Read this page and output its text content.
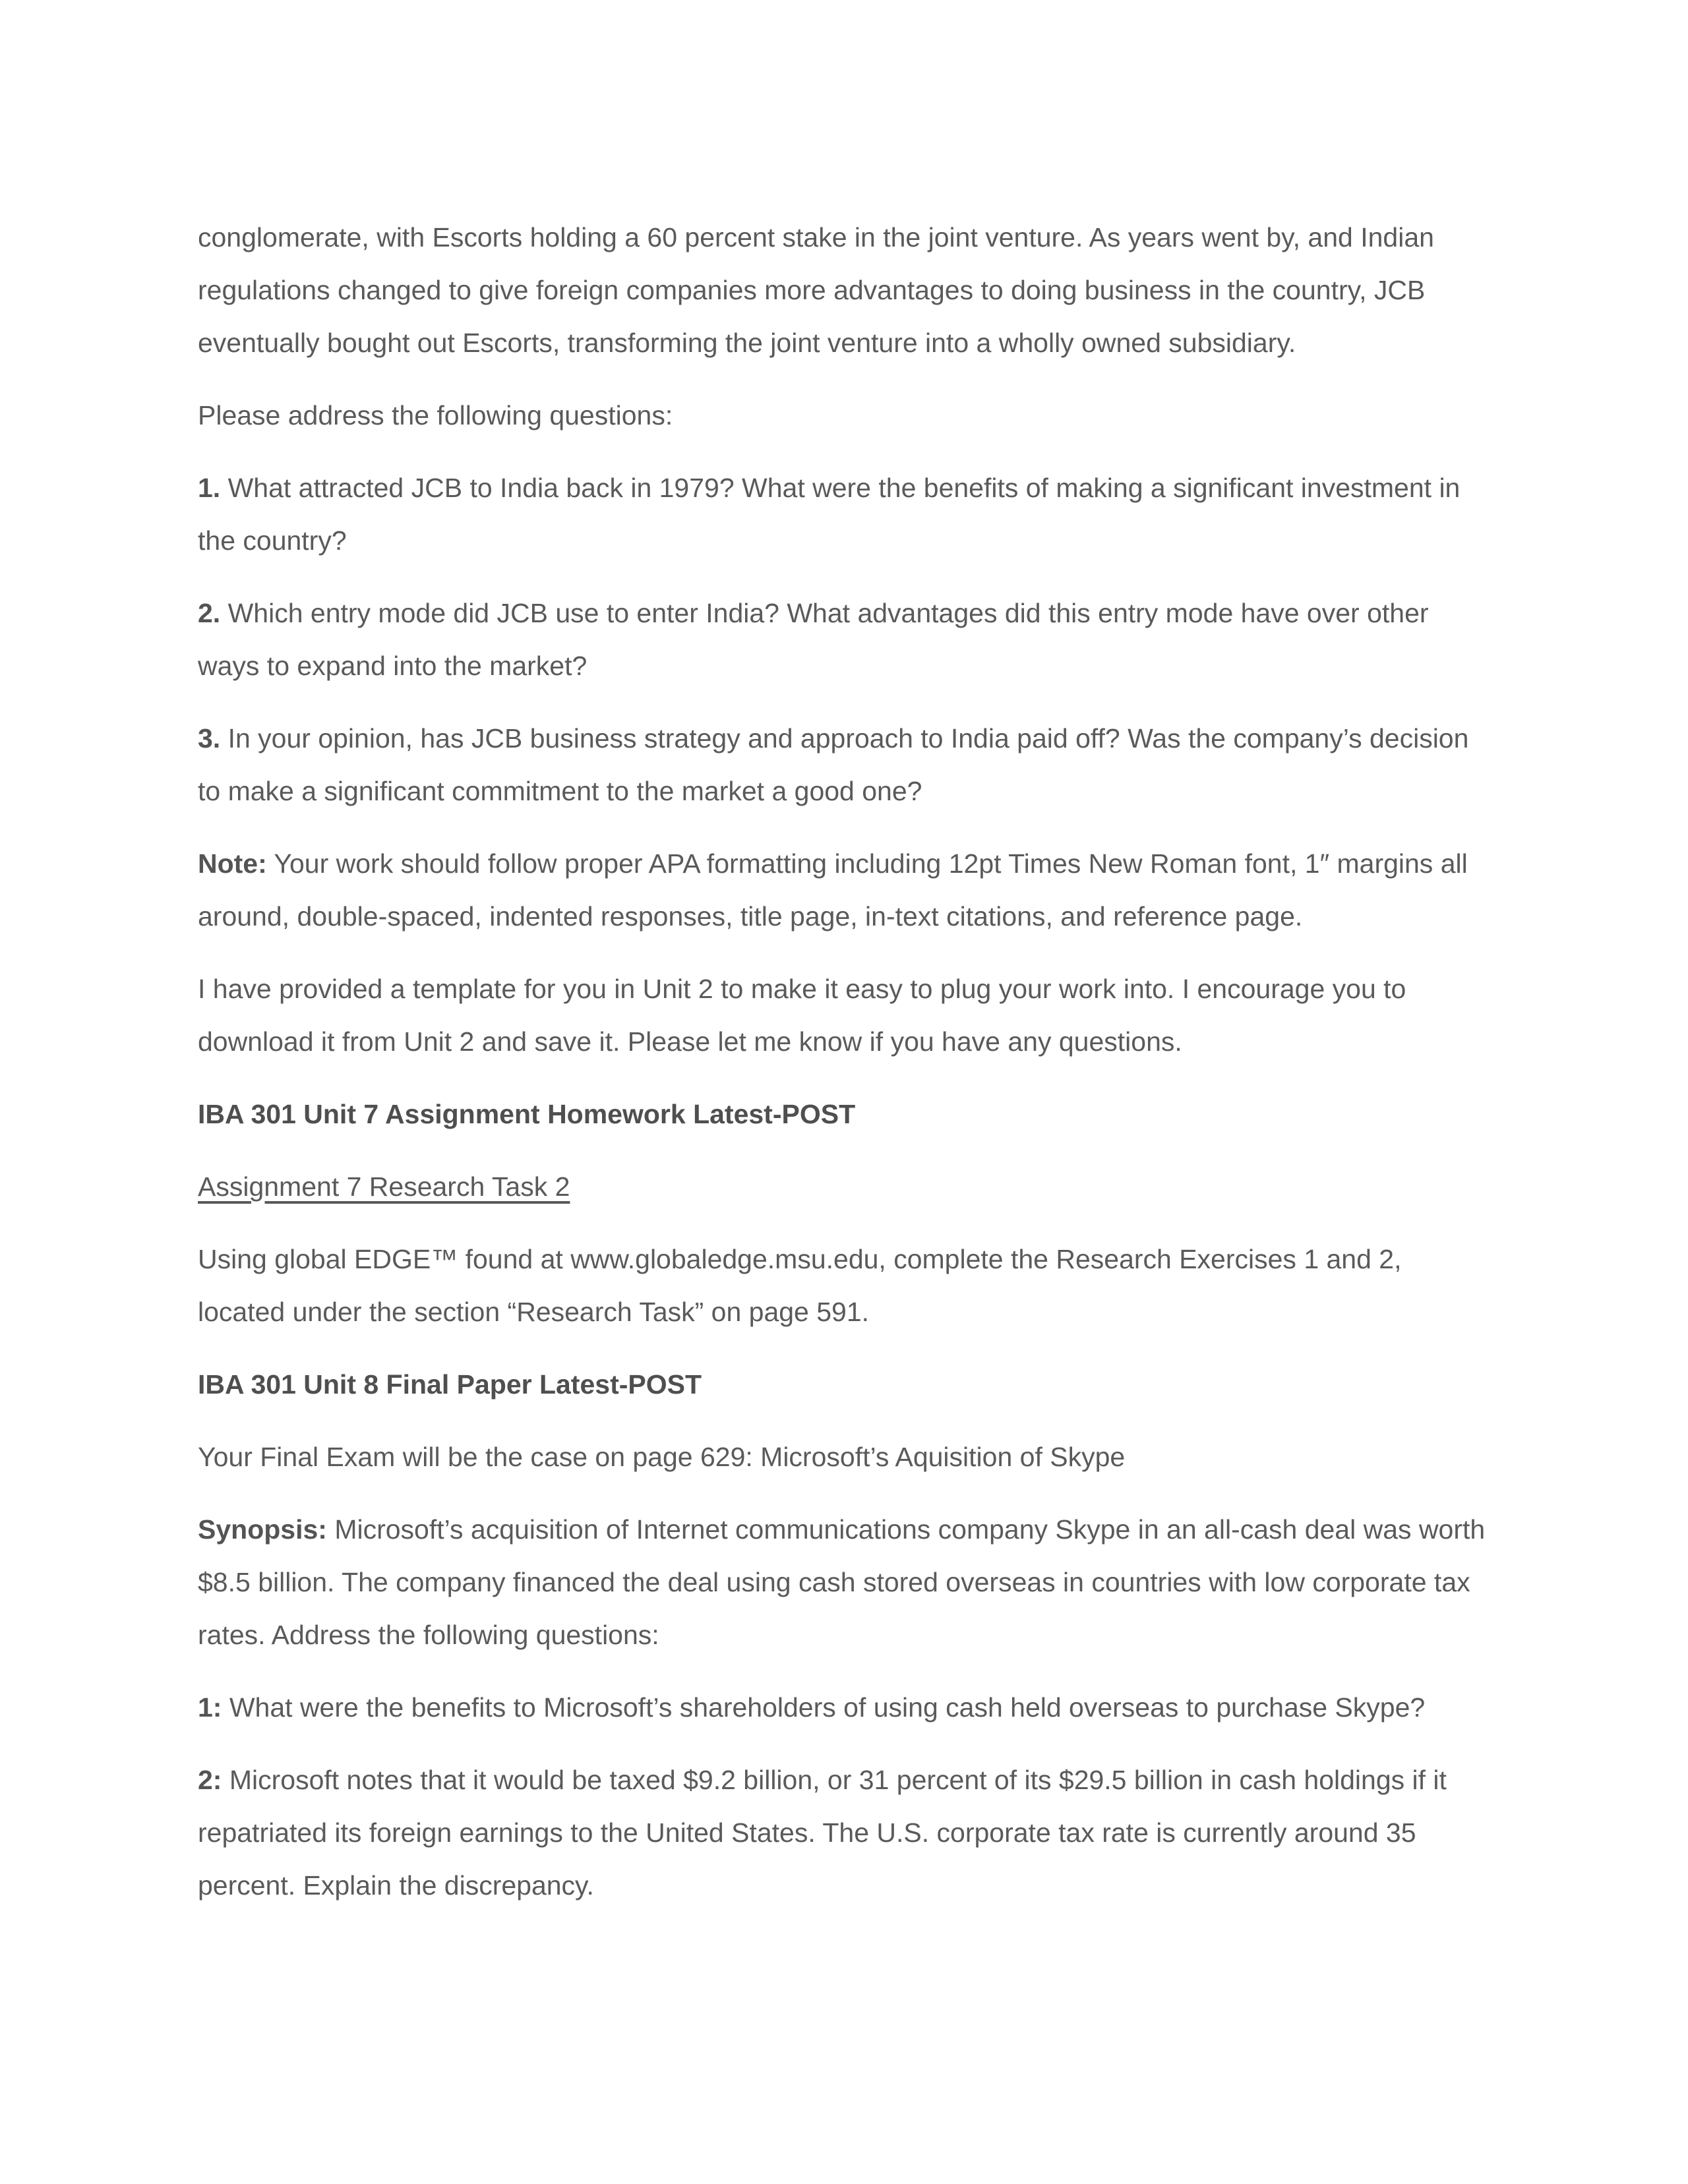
conglomerate, with Escorts holding a 60 percent stake in the joint venture. As years went by, and Indian regulations changed to give foreign companies more advantages to doing business in the country, JCB eventually bought out Escorts, transforming the joint venture into a wholly owned subsidiary.

Please address the following questions:

1. What attracted JCB to India back in 1979? What were the benefits of making a significant investment in the country?

2. Which entry mode did JCB use to enter India? What advantages did this entry mode have over other ways to expand into the market?

3. In your opinion, has JCB business strategy and approach to India paid off? Was the company’s decision to make a significant commitment to the market a good one?

Note: Your work should follow proper APA formatting including 12pt Times New Roman font, 1″ margins all around, double-spaced, indented responses, title page, in-text citations, and reference page.

I have provided a template for you in Unit 2 to make it easy to plug your work into. I encourage you to download it from Unit 2 and save it. Please let me know if you have any questions.

IBA 301 Unit 7 Assignment Homework Latest-POST

Assignment 7 Research Task 2

Using global EDGE™ found at www.globaledge.msu.edu, complete the Research Exercises 1 and 2, located under the section “Research Task” on page 591.

IBA 301 Unit 8 Final Paper Latest-POST

Your Final Exam will be the case on page 629: Microsoft’s Aquisition of Skype

Synopsis: Microsoft’s acquisition of Internet communications company Skype in an all-cash deal was worth $8.5 billion. The company financed the deal using cash stored overseas in countries with low corporate tax rates. Address the following questions:

1: What were the benefits to Microsoft’s shareholders of using cash held overseas to purchase Skype?

2: Microsoft notes that it would be taxed $9.2 billion, or 31 percent of its $29.5 billion in cash holdings if it repatriated its foreign earnings to the United States. The U.S. corporate tax rate is currently around 35 percent. Explain the discrepancy.
